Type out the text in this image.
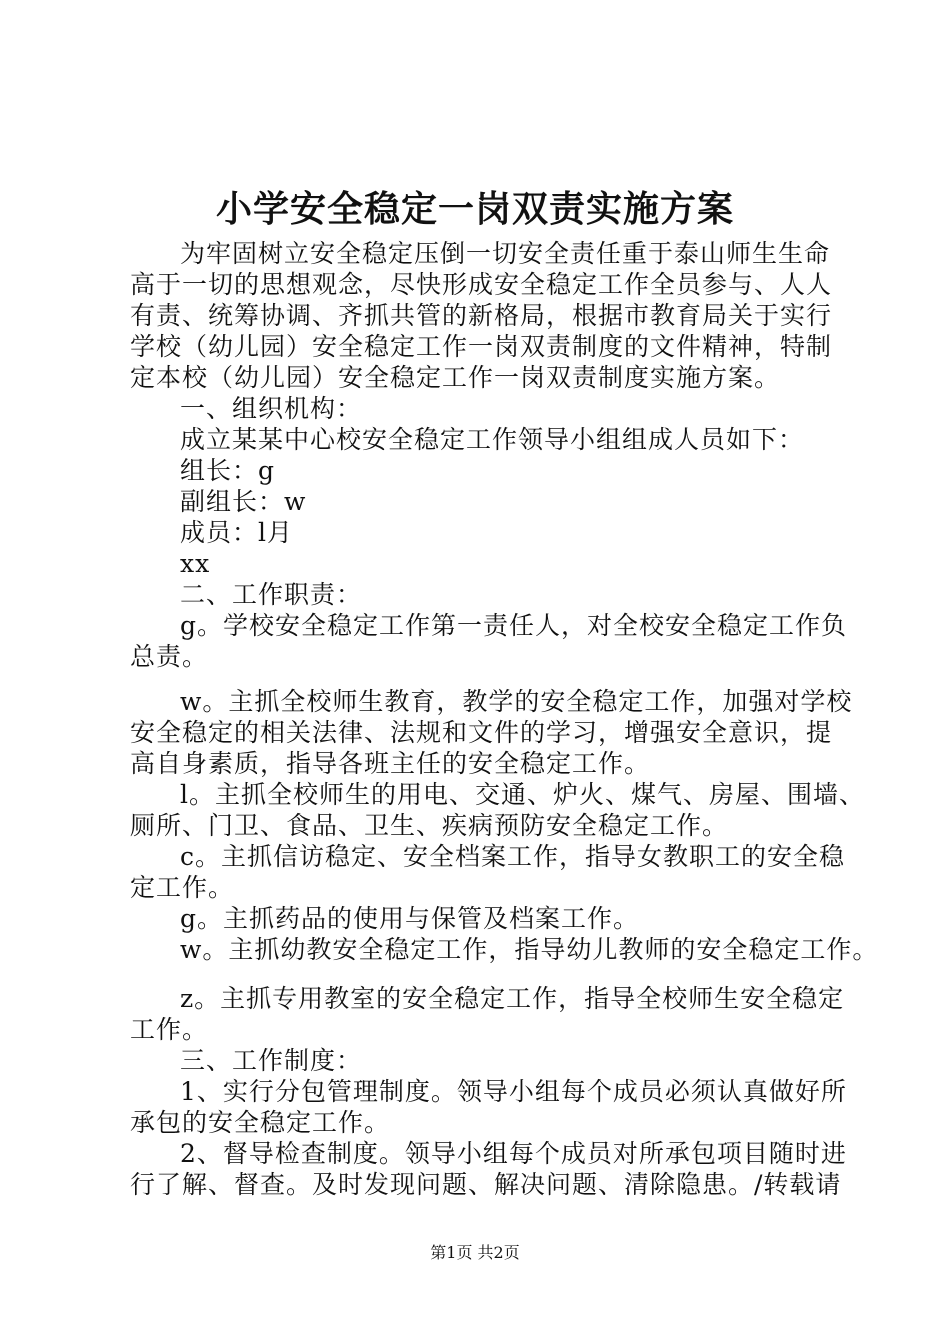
小学安全稳定一岗双责实施方案
为牢固树立安全稳定压倒一切安全责任重于泰山师生生命
高于一切的思想观念，尽快形成安全稳定工作全员参与、人人
有责、统筹协调、齐抓共管的新格局，根据市教育局关于实行
学校（幼儿园）安全稳定工作一岗双责制度的文件精神，特制
定本校（幼儿园）安全稳定工作一岗双责制度实施方案。
一、组织机构：
成立某某中心校安全稳定工作领导小组组成人员如下：
组长：g
副组长：w
成员：l月
xx
二、工作职责：
g。学校安全稳定工作第一责任人，对全校安全稳定工作负
总责。
w。主抓全校师生教育，教学的安全稳定工作，加强对学校
安全稳定的相关法律、法规和文件的学习，增强安全意识，提
高自身素质，指导各班主任的安全稳定工作。
l。主抓全校师生的用电、交通、炉火、煤气、房屋、围墙、
厕所、门卫、食品、卫生、疾病预防安全稳定工作。
c。主抓信访稳定、安全档案工作，指导女教职工的安全稳
定工作。
g。主抓药品的使用与保管及档案工作。
w。主抓幼教安全稳定工作，指导幼儿教师的安全稳定工作。
z。主抓专用教室的安全稳定工作，指导全校师生安全稳定
工作。
三、工作制度：
1、实行分包管理制度。领导小组每个成员必须认真做好所
承包的安全稳定工作。
2、督导检查制度。领导小组每个成员对所承包项目随时进
行了解、督查。及时发现问题、解决问题、清除隐患。/转载请
第1页 共2页
